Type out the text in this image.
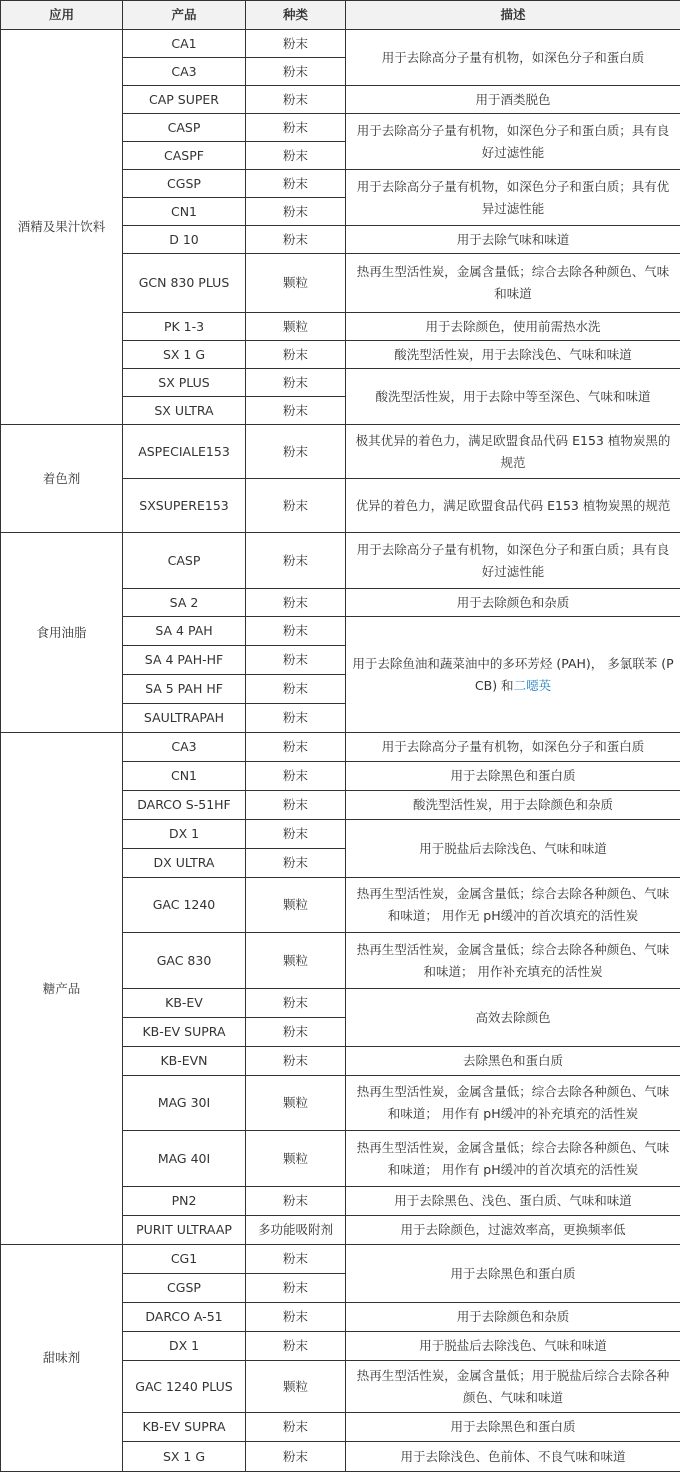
应用	产品	种类	描述
酒精及果汁饮料	CA1	粉末	用于去除高分子量有机物，如深色分子和蛋白质
	CA3	粉末	
	CAP SUPER	粉末	用于酒类脱色
	CASP	粉末	用于去除高分子量有机物，如深色分子和蛋白质；具有良好过滤性能
	CASPF	粉末	
	CGSP	粉末	用于去除高分子量有机物，如深色分子和蛋白质；具有优异过滤性能
	CN1	粉末	
	D 10	粉末	用于去除气味和味道
	GCN 830 PLUS	颗粒	热再生型活性炭，金属含量低；综合去除各种颜色、气味和味道
	PK 1-3	颗粒	用于去除颜色，使用前需热水洗
	SX 1 G	粉末	酸洗型活性炭，用于去除浅色、气味和味道
	SX PLUS	粉末	酸洗型活性炭，用于去除中等至深色、气味和味道
	SX ULTRA	粉末	
着色剂	ASPECIALE153	粉末	极其优异的着色力，满足欧盟食品代码 E153 植物炭黑的规范
	SXSUPERE153	粉末	优异的着色力，满足欧盟食品代码 E153 植物炭黑的规范
食用油脂	CASP	粉末	用于去除高分子量有机物，如深色分子和蛋白质；具有良好过滤性能
	SA 2	粉末	用于去除颜色和杂质
	SA 4 PAH	粉末	用于去除鱼油和蔬菜油中的多环芳烃 (PAH)， 多氯联苯 (PCB) 和二噁英
	SA 4 PAH-HF	粉末	
	SA 5 PAH HF	粉末	
	SAULTRAPAH	粉末	
糖产品	CA3	粉末	用于去除高分子量有机物，如深色分子和蛋白质
	CN1	粉末	用于去除黑色和蛋白质
	DARCO S-51HF	粉末	酸洗型活性炭，用于去除颜色和杂质
	DX 1	粉末	用于脱盐后去除浅色、气味和味道
	DX ULTRA	粉末	
	GAC 1240	颗粒	热再生型活性炭，金属含量低；综合去除各种颜色、气味和味道； 用作无 pH缓冲的首次填充的活性炭
	GAC 830	颗粒	热再生型活性炭，金属含量低；综合去除各种颜色、气味和味道； 用作补充填充的活性炭
	KB-EV	粉末	高效去除颜色
	KB-EV SUPRA	粉末	
	KB-EVN	粉末	去除黑色和蛋白质
	MAG 30I	颗粒	热再生型活性炭，金属含量低；综合去除各种颜色、气味和味道； 用作有 pH缓冲的补充填充的活性炭
	MAG 40I	颗粒	热再生型活性炭，金属含量低；综合去除各种颜色、气味和味道； 用作有 pH缓冲的首次填充的活性炭
	PN2	粉末	用于去除黑色、浅色、蛋白质、气味和味道
	PURIT ULTRAAP	多功能吸附剂	用于去除颜色，过滤效率高，更换频率低
甜味剂	CG1	粉末	用于去除黑色和蛋白质
	CGSP	粉末	
	DARCO A-51	粉末	用于去除颜色和杂质
	DX 1	粉末	用于脱盐后去除浅色、气味和味道
	GAC 1240 PLUS	颗粒	热再生型活性炭，金属含量低；用于脱盐后综合去除各种颜色、气味和味道
	KB-EV SUPRA	粉末	用于去除黑色和蛋白质
	SX 1 G	粉末	用于去除浅色、色前体、不良气味和味道
